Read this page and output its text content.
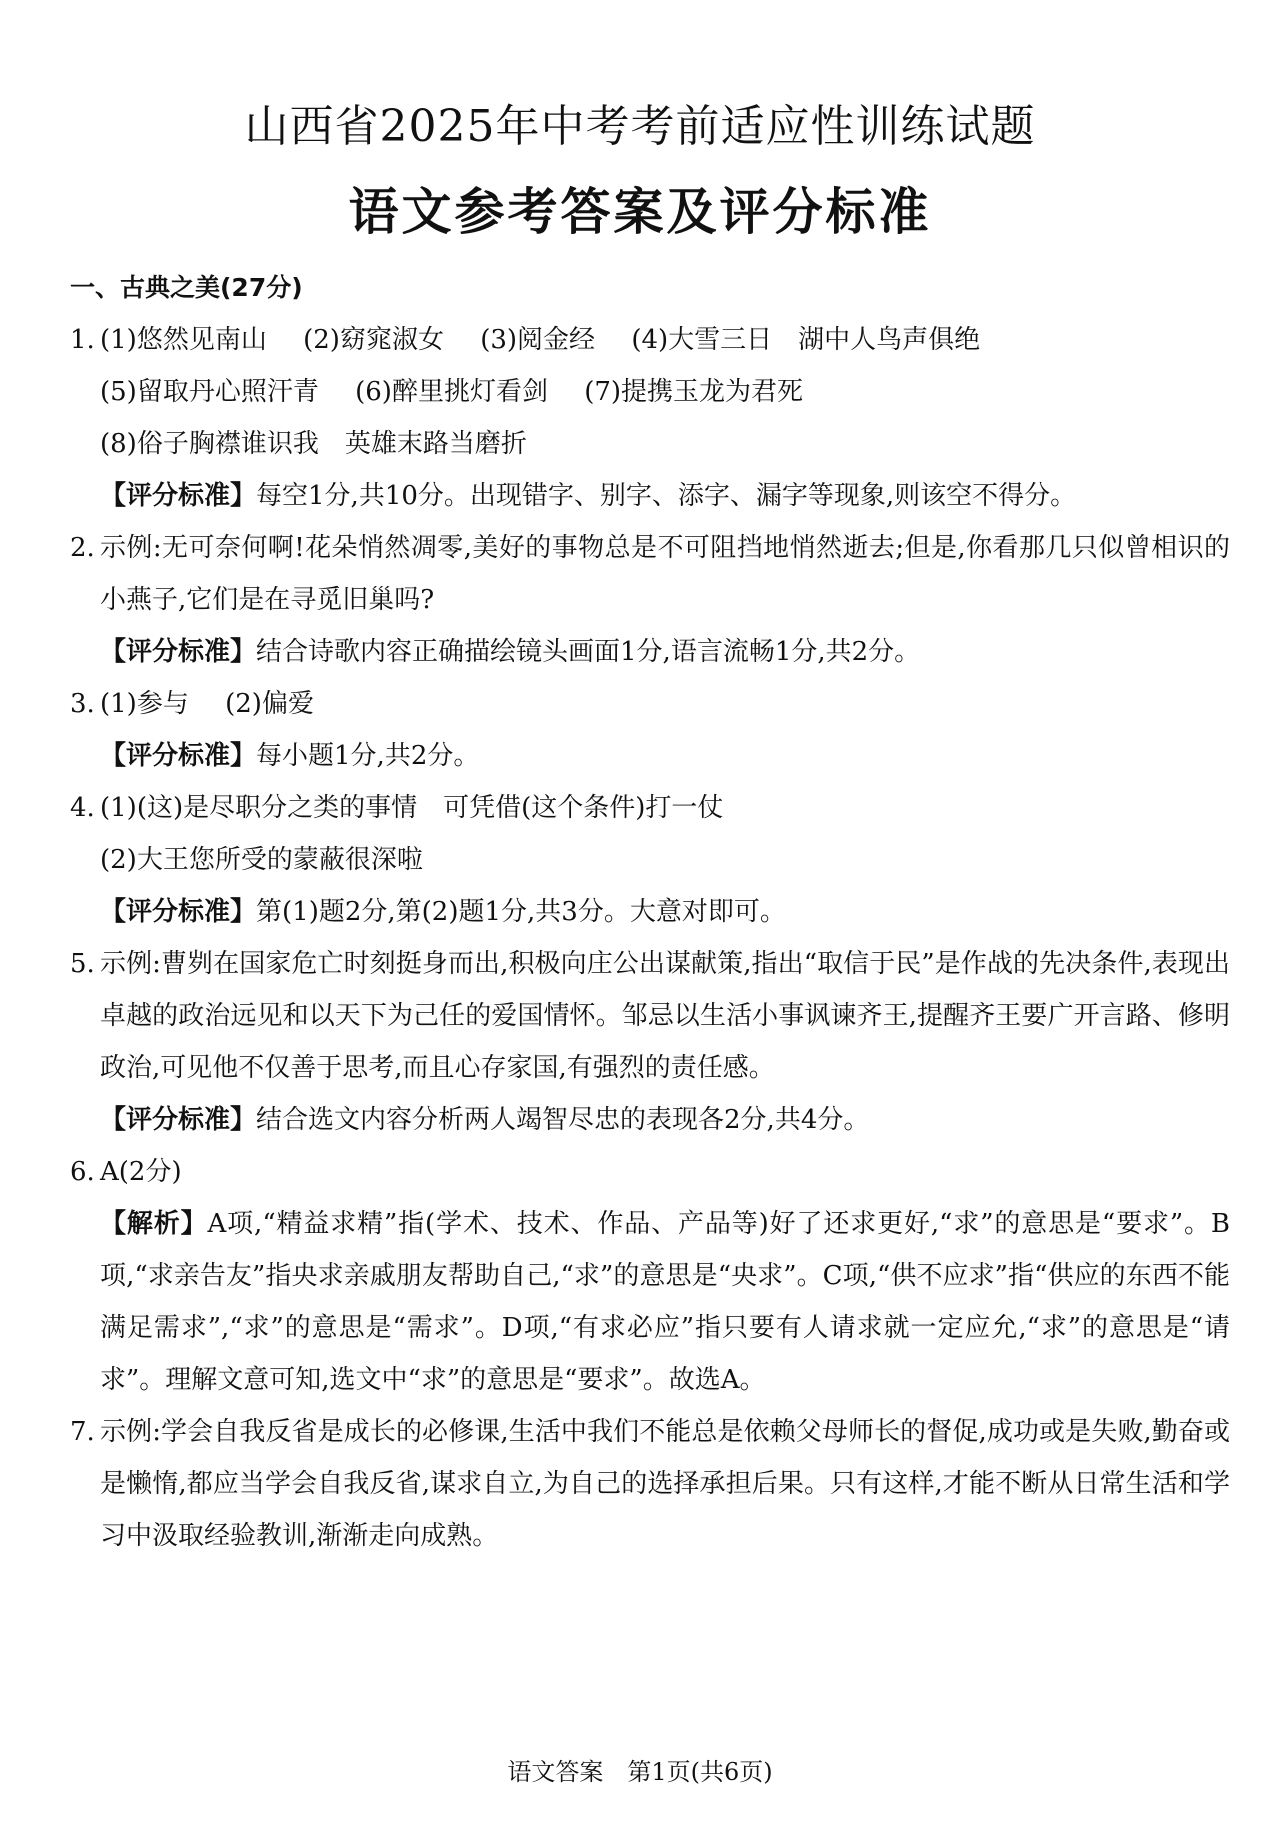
山西省2025年中考考前适应性训练试题
语文参考答案及评分标准
一、古典之美(27分)
1. (1)悠然见南山 (2)窈窕淑女 (3)阅金经 (4)大雪三日　湖中人鸟声俱绝
(5)留取丹心照汗青 (6)醉里挑灯看剑 (7)提携玉龙为君死
(8)俗子胸襟谁识我　英雄末路当磨折
【评分标准】每空1分,共10分。出现错字、别字、添字、漏字等现象,则该空不得分。
2. 示例:无可奈何啊!花朵悄然凋零,美好的事物总是不可阻挡地悄然逝去;但是,你看那几只似曾相识的小燕子,它们是在寻觅旧巢吗?
【评分标准】结合诗歌内容正确描绘镜头画面1分,语言流畅1分,共2分。
3. (1)参与 (2)偏爱
【评分标准】每小题1分,共2分。
4. (1)(这)是尽职分之类的事情　可凭借(这个条件)打一仗
(2)大王您所受的蒙蔽很深啦
【评分标准】第(1)题2分,第(2)题1分,共3分。大意对即可。
5. 示例:曹刿在国家危亡时刻挺身而出,积极向庄公出谋献策,指出“取信于民”是作战的先决条件,表现出卓越的政治远见和以天下为己任的爱国情怀。邹忌以生活小事讽谏齐王,提醒齐王要广开言路、修明政治,可见他不仅善于思考,而且心存家国,有强烈的责任感。
【评分标准】结合选文内容分析两人竭智尽忠的表现各2分,共4分。
6. A(2分)
【解析】A项,“精益求精”指(学术、技术、作品、产品等)好了还求更好,“求”的意思是“要求”。B项,“求亲告友”指央求亲戚朋友帮助自己,“求”的意思是“央求”。C项,“供不应求”指“供应的东西不能满足需求”,“求”的意思是“需求”。D项,“有求必应”指只要有人请求就一定应允,“求”的意思是“请求”。理解文意可知,选文中“求”的意思是“要求”。故选A。
7. 示例:学会自我反省是成长的必修课,生活中我们不能总是依赖父母师长的督促,成功或是失败,勤奋或是懒惰,都应当学会自我反省,谋求自立,为自己的选择承担后果。只有这样,才能不断从日常生活和学习中汲取经验教训,渐渐走向成熟。
语文答案　第1页(共6页)
